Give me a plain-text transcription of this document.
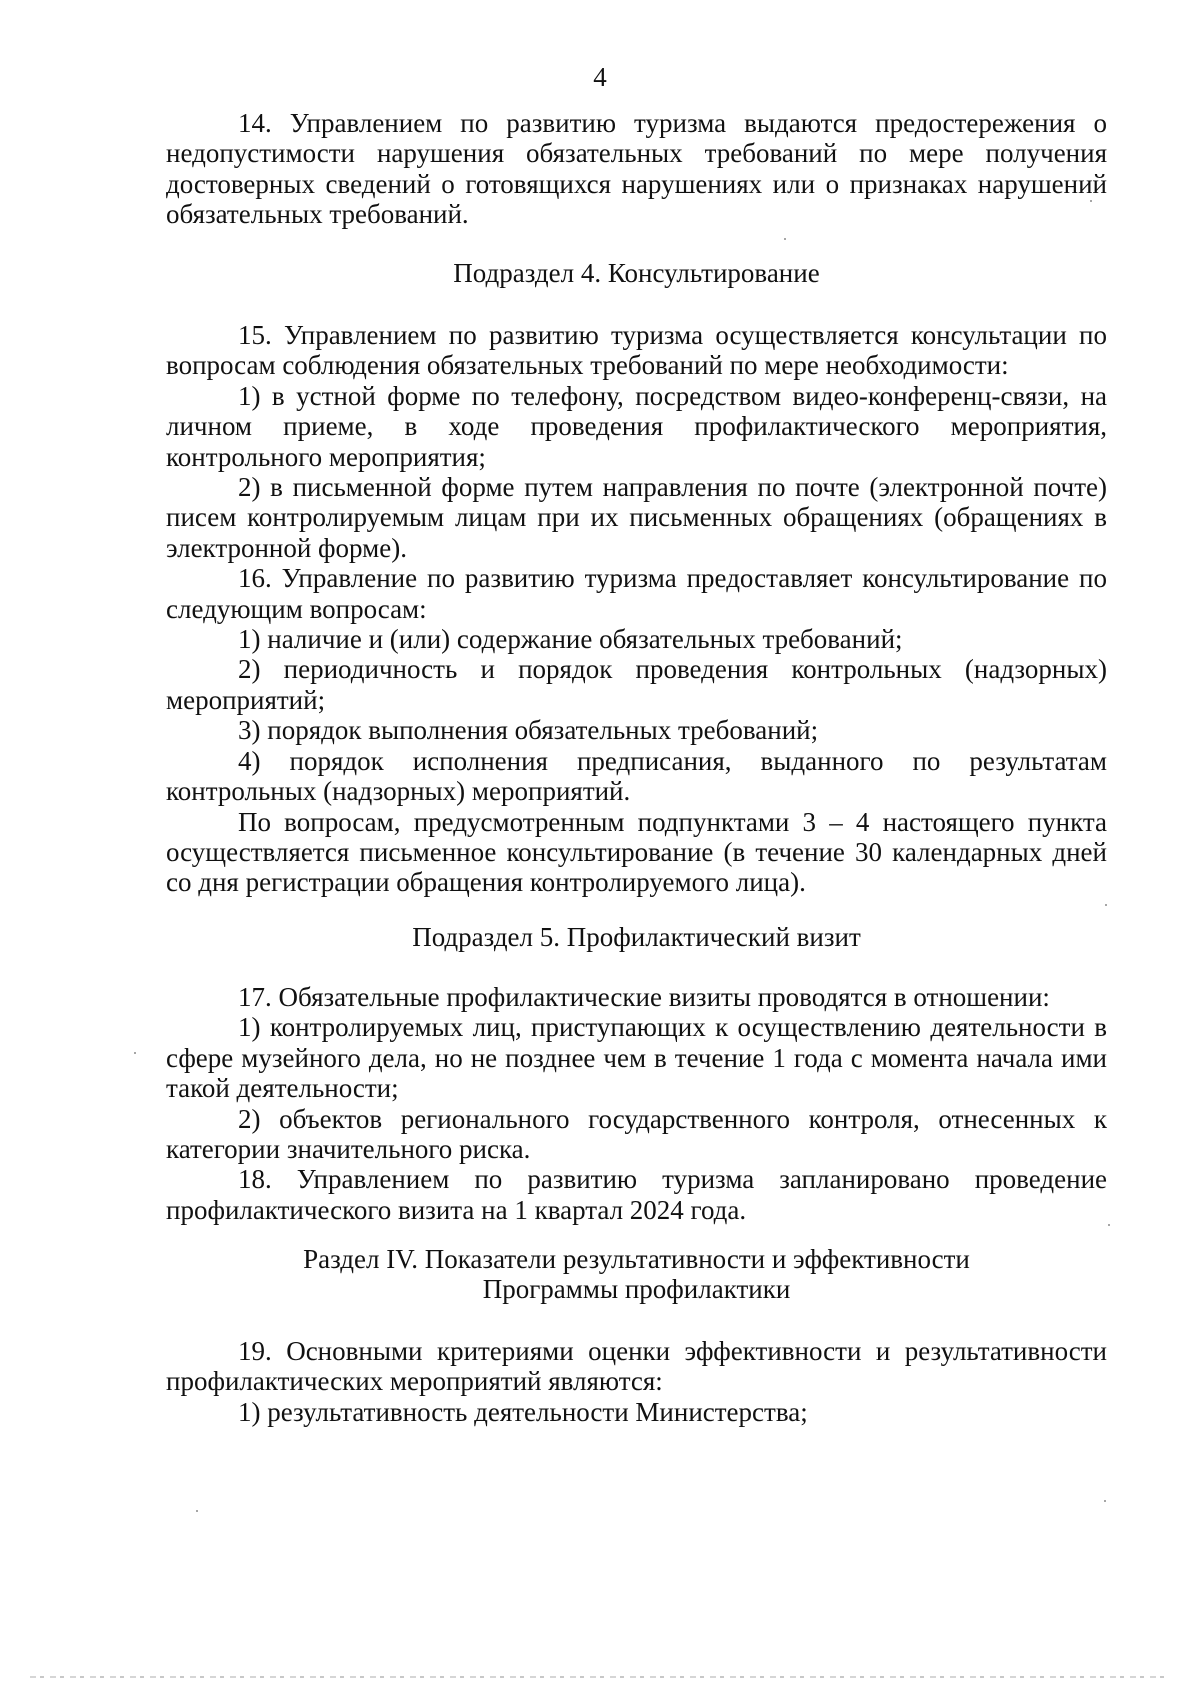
4

14. Управлением по развитию туризма выдаются предостережения о недопустимости нарушения обязательных требований по мере получения достоверных сведений о готовящихся нарушениях или о признаках нарушений обязательных требований.

Подраздел 4. Консультирование

15. Управлением по развитию туризма осуществляется консультации по вопросам соблюдения обязательных требований по мере необходимости:

1) в устной форме по телефону, посредством видео-конференц-связи, на личном приеме, в ходе проведения профилактического мероприятия, контрольного мероприятия;

2) в письменной форме путем направления по почте (электронной почте) писем контролируемым лицам при их письменных обращениях (обращениях в электронной форме).

16. Управление по развитию туризма предоставляет консультирование по следующим вопросам:

1) наличие и (или) содержание обязательных требований;

2) периодичность и порядок проведения контрольных (надзорных) мероприятий;

3) порядок выполнения обязательных требований;

4) порядок исполнения предписания, выданного по результатам контрольных (надзорных) мероприятий.

По вопросам, предусмотренным подпунктами 3 – 4 настоящего пункта осуществляется письменное консультирование (в течение 30 календарных дней со дня регистрации обращения контролируемого лица).

Подраздел 5. Профилактический визит

17. Обязательные профилактические визиты проводятся в отношении:

1) контролируемых лиц, приступающих к осуществлению деятельности в сфере музейного дела, но не позднее чем в течение 1 года с момента начала ими такой деятельности;

2) объектов регионального государственного контроля, отнесенных к категории значительного риска.

18. Управлением по развитию туризма запланировано проведение профилактического визита на 1 квартал 2024 года.

Раздел IV. Показатели результативности и эффективности

Программы профилактики

19. Основными критериями оценки эффективности и результативности профилактических мероприятий являются:

1) результативность деятельности Министерства;
